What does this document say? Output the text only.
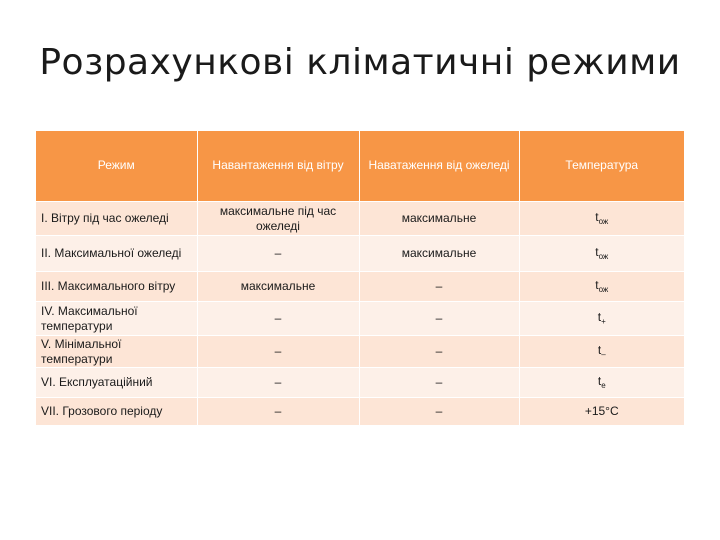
Розрахункові кліматичні режими
Режим	Навантаження від вітру	Наватаження від ожеледі	Температура
I. Вітру під час ожеледі	максимальне під час ожеледі	максимальне	$t_{ож}$
II. Максимальної ожеледі	–	максимальне	$t_{ож}$
III. Максимального вітру	максимальне	–	$t_{ож}$
IV. Максимальної температури	–	–	$t_+$
V. Мінімальної температури	–	–	$t_-$
VI. Експлуатаційний	–	–	$t_е$
VII. Грозового періоду	–	–	+15°C
